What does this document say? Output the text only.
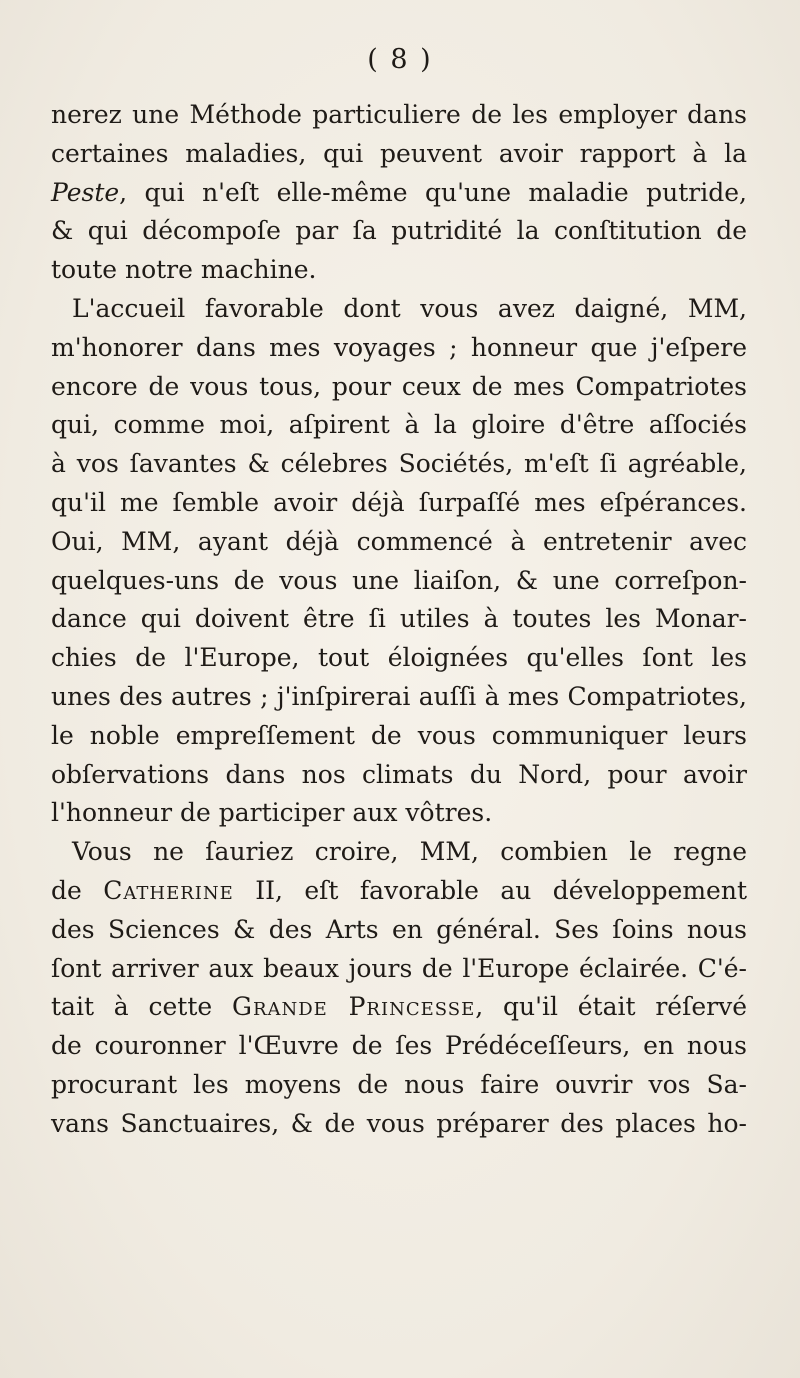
( 8 )
nerez une Méthode particuliere de les employer dans
certaines maladies, qui peuvent avoir rapport à la
Peste, qui n'eſt elle-même qu'une maladie putride,
& qui décompoſe par ſa putridité la conſtitution de
toute notre machine.
L'accueil favorable dont vous avez daigné, MM,
m'honorer dans mes voyages ; honneur que j'eſpere
encore de vous tous, pour ceux de mes Compatriotes
qui, comme moi, aſpirent à la gloire d'être aſſociés
à vos ſavantes & célebres Sociétés, m'eſt ſi agréable,
qu'il me ſemble avoir déjà ſurpaſſé mes eſpérances.
Oui, MM, ayant déjà commencé à entretenir avec
quelques-uns de vous une liaiſon, & une correſpon-
dance qui doivent être ſi utiles à toutes les Monar-
chies de l'Europe, tout éloignées qu'elles ſont les
unes des autres ; j'inſpirerai auſſi à mes Compatriotes,
le noble empreſſement de vous communiquer leurs
obſervations dans nos climats du Nord, pour avoir
l'honneur de participer aux vôtres.
Vous ne ſauriez croire, MM, combien le regne
de Catherine II, eſt favorable au développement
des Sciences & des Arts en général. Ses ſoins nous
ſont arriver aux beaux jours de l'Europe éclairée. C'é-
tait à cette Grande Princesse, qu'il était réſervé
de couronner l'Œuvre de ſes Prédéceſſeurs, en nous
procurant les moyens de nous faire ouvrir vos Sa-
vans Sanctuaires, & de vous préparer des places ho-
